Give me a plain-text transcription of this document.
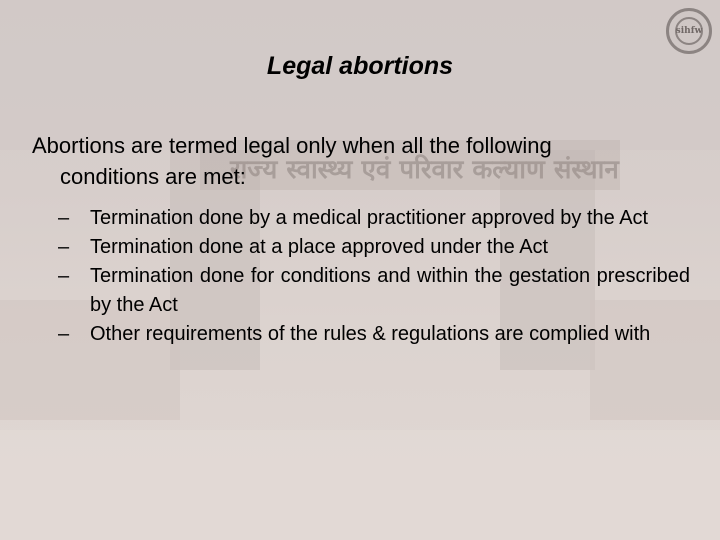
राज्य स्वास्थ्य एवं परिवार कल्याण संस्थान
sihfw
Legal abortions
Abortions are termed legal only when all the following
conditions are met:
– Termination done by a medical practitioner approved by the Act
– Termination done at a place approved under the Act
– Termination done for conditions and within the gestation prescribed by the Act
– Other requirements of the rules & regulations are complied with
